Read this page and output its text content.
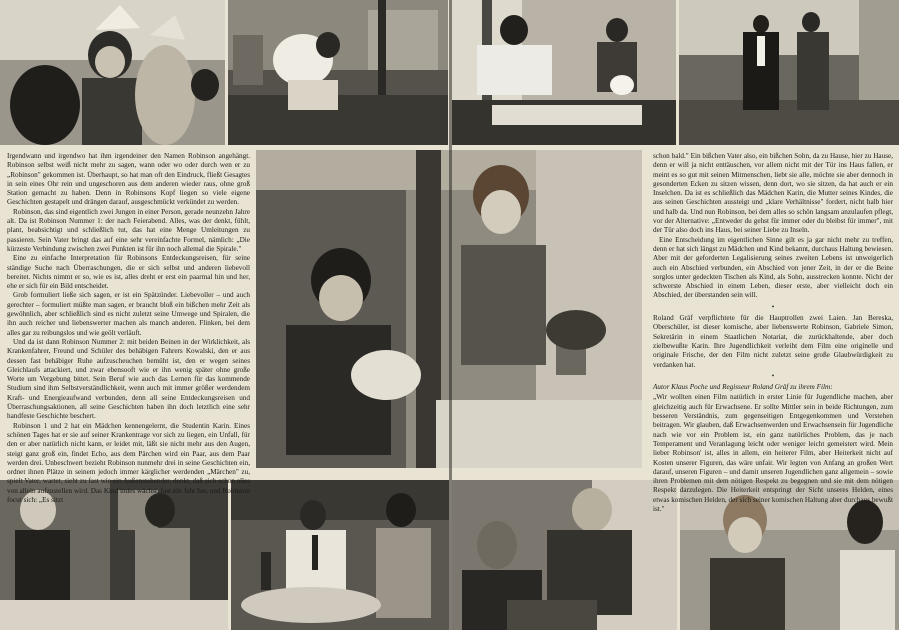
Irgendwann und irgendwo hat ihm irgendeiner den Namen Robinson angehängt. Robinson selbst weiß nicht mehr zu sagen, wann oder wo oder durch wen er zu „Robinson" gekommen ist. Überhaupt, so hat man oft den Eindruck, fließt Gesagtes in sein eines Ohr rein und ungeschoren aus dem anderen wieder raus, ohne groß Station gemacht zu haben. Denn in Robinsons Kopf liegen so viele eigene Geschichten gestapelt und drängen darauf, ausgeschmückt verkündet zu werden.

Robinson, das sind eigentlich zwei Jungen in einer Person, gerade neunzehn Jahre alt. Da ist Robinson Nummer 1: der nach Feierabend. Alles, was der denkt, fühlt, plant, beabsichtigt und schließlich tut, das hat eine Menge Umleitungen zu passieren. Sein Vater bringt das auf eine sehr vereinfachte Formel, nämlich: „Die kürzeste Verbindung zwischen zwei Punkten ist für ihn noch allemal die Spirale."

Eine zu einfache Interpretation für Robinsons Entdeckungsreisen, für seine ständige Suche nach Überraschungen, die er sich selbst und anderen liebevoll bereitet. Nichts nimmt er so, wie es ist, alles dreht er erst ein paarmal hin und her, ehe er sich für ein Bild entscheidet.

Grob formuliert ließe sich sagen, er ist ein Spätzünder. Liebevoller – und auch gerechter – formuliert müßte man sagen, er braucht bloß ein bißchen mehr Zeit als gewöhnlich, aber schließlich sind es nicht zuletzt seine Umwege und Spiralen, die ihn auch reicher und liebenswerter machen als manch anderen. Flinken, bei dem alles gar zu reibungslos und wie geölt verläuft.

Und da ist dann Robinson Nummer 2: mit beiden Beinen in der Wirklichkeit, als Krankenfahrer, Freund und Schüler des behäbigen Fahrers Kowalski, den er aus dessen fast behäbiger Ruhe aufzuscheuchen bemüht ist, den er wegen seines Gleichlaufs attackiert, und zwar ebensooft wie er ihn wenig später ohne große Worte um Vergebung bittet. Sein Beruf wie auch das Lernen für das kommende Studium sind ihm Selbstverständlichkeit, wenn auch mit immer größer werdendem Kraft- und Energieaufwand verbunden, denn all seine Entdeckungsreisen und Überraschungsaktionen, all seine Geschichten haben ihn doch letztlich eine sehr handfeste Geschichte beschert.

Robinson 1 und 2 hat ein Mädchen kennengelernt, die Studentin Karin. Eines schönen Tages hat er sie auf seiner Krankentrage vor sich zu liegen, ein Unfall, für den er aber natürlich nicht kann, er leidet mit, läßt sie nicht mehr aus den Augen, steigt ganz groß ein, findet Echo, aus dem Pärchen wird ein Paar, aus dem Paar werden drei. Unbeschwert bezieht Robinson nunmehr drei in seine Geschichten ein, ordnet ihnen Plätze in seinem jedoch immer kärglicher werdenden „Märchen" zu, spielt Vater, wartet, sieht zu fast wie ein Außenstehender, denkt, daß sich schon alles von allein aufzustellen wird. Das Kind indes wächst, fast ein Jahr her, und Robinson focut sich: „Es sitzt

schon bald." Ein bißchen Vater also, ein bißchen Sohn, da zu Hause, hier zu Hause, denn er will ja nicht enttäuschen, vor allem nicht mit der Tür ins Haus fallen, er meint es so gut mit seinen Mitmenschen, liebt sie alle, möchte sie aber dennoch in gesonderten Ecken zu sitzen wissen, denn dort, wo sie sitzen, da hat auch er ein Inselchen. Da ist es schließlich das Mädchen Karin, die Mutter seines Kindes, die aus seinen Geschichten aussteigt und „klare Verhältnisse" fordert, nicht halb hier und halb da. Und nun Robinson, bei dem alles so schön langsam anzulaufen pflegt, vor der Alternative: „Entweder du gehst für immer oder du bleibst für immer", mit der Tür also doch ins Haus, bei seiner Liebe zu Inseln.

Eine Entscheidung im eigentlichen Sinne gilt es ja gar nicht mehr zu treffen, denn er hat sich längst zu Mädchen und Kind bekannt, durchaus Haltung bewiesen. Aber mit der geforderten Legalisierung seines zweiten Lebens ist unweigerlich auch ein Abschied verbunden, ein Abschied von jener Zeit, in der er die Beine sorglos unter gedeckten Tischen als Kind, als Sohn, ausstrecken konnte. Nicht der schwerste Abschied in einem Leben, dieser erste, aber vielleicht doch ein Abschied, der überstanden sein will.

•

Roland Gräf verpflichtete für die Hauptrollen zwei Laien. Jan Bereska, Oberschüler, ist dieser komische, aber liebenswerte Robinson, Gabriele Simon, Sekretärin in einem Staatlichen Notariat, die zurückhaltende, aber doch zielbewußte Karin. Ihre Jugendlichkeit verleiht dem Film eine originelle und originale Frische, der den Film nicht zuletzt seine große Glaubwürdigkeit zu verdanken hat.

•

Autor Klaus Poche und Regisseur Roland Gräf zu ihrem Film:

„Wir wollten einen Film natürlich in erster Linie für Jugendliche machen, aber gleichzeitig auch für Erwachsene. Er sollte Mittler sein in beide Richtungen, zum besseren Verständnis, zum gegenseitigen Entgegenkommen und Verstehen beitragen. Wir glauben, daß Erwachsenwerden und Erwachsensein für Jugendliche nach wie vor ein Problem ist, ein ganz natürliches Problem, das je nach Temperament und Veranlagung leicht oder weniger leicht gemeistert wird. Mein lieber Robinson' ist, alles in allem, ein heiterer Film, aber Heiterkeit nicht auf Kosten unserer Figuren, das wäre unfair. Wir legten von Anfang an großen Wert darauf, unseren Figuren – und damit unseren Jugendlichen ganz allgemein – sowie ihren Problemen mit dem nötigen Respekt zu begegnen und sie mit dem nötigen Respekt darzulegen. Die Heiterkeit entspringt der Sicht unseres Helden, eines etwas komischen Helden, der sich seiner komischen Haltung aber durchaus bewußt ist."
